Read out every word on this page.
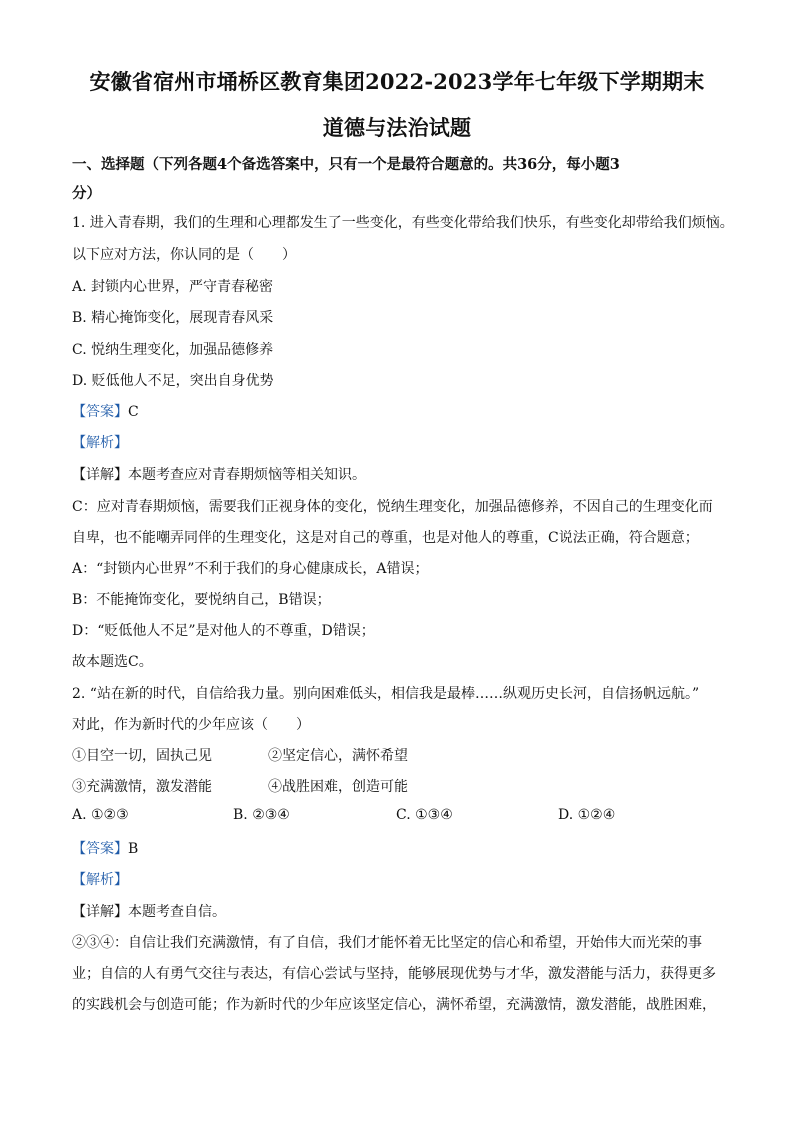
安徽省宿州市埇桥区教育集团2022-2023学年七年级下学期期末
道德与法治试题
一、选择题（下列各题4个备选答案中，只有一个是最符合题意的。共36分，每小题3
分）
1. 进入青春期，我们的生理和心理都发生了一些变化，有些变化带给我们快乐，有些变化却带给我们烦恼。
以下应对方法，你认同的是（　　）
A. 封锁内心世界，严守青春秘密
B. 精心掩饰变化，展现青春风采
C. 悦纳生理变化，加强品德修养
D. 贬低他人不足，突出自身优势
【答案】C
【解析】
【详解】本题考查应对青春期烦恼等相关知识。
C：应对青春期烦恼，需要我们正视身体的变化，悦纳生理变化，加强品德修养，不因自己的生理变化而
自卑，也不能嘲弄同伴的生理变化，这是对自己的尊重，也是对他人的尊重，C说法正确，符合题意；
A：“封锁内心世界”不利于我们的身心健康成长，A错误；
B：不能掩饰变化，要悦纳自己，B错误；
D：“贬低他人不足”是对他人的不尊重，D错误；
故本题选C。
2. “站在新的时代，自信给我力量。别向困难低头，相信我是最棒……纵观历史长河，自信扬帆远航。”
对此，作为新时代的少年应该（　　）
①目空一切，固执己见	②坚定信心，满怀希望
③充满激情，激发潜能	④战胜困难，创造可能
A. ①②③	B. ②③④	C. ①③④	D. ①②④
【答案】B
【解析】
【详解】本题考查自信。
②③④：自信让我们充满激情，有了自信，我们才能怀着无比坚定的信心和希望，开始伟大而光荣的事
业；自信的人有勇气交往与表达，有信心尝试与坚持，能够展现优势与才华，激发潜能与活力，获得更多
的实践机会与创造可能；作为新时代的少年应该坚定信心，满怀希望，充满激情，激发潜能，战胜困难，
